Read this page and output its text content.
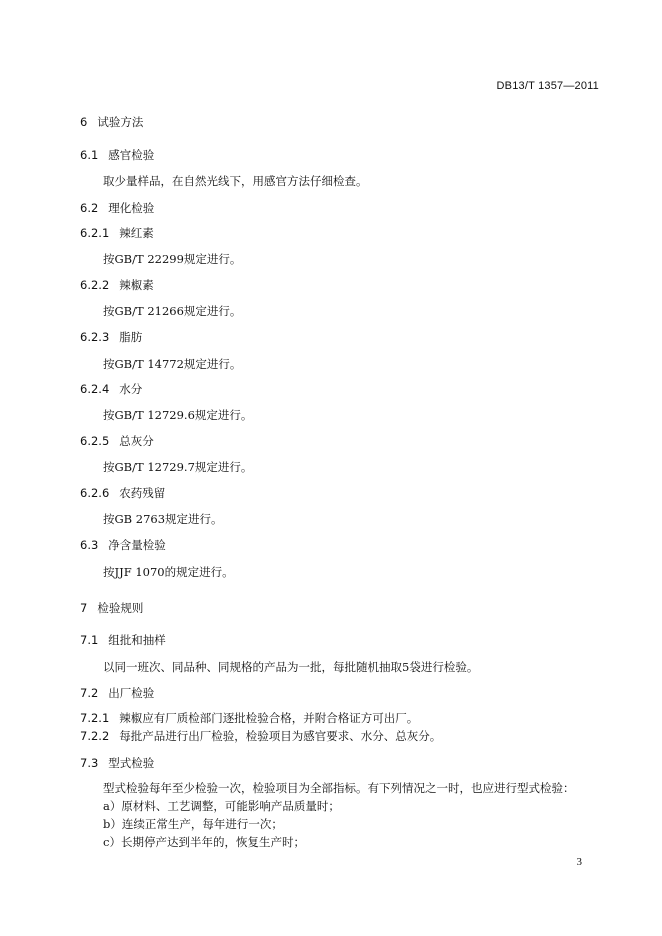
DB13/T 1357—2011
6 试验方法
6.1 感官检验
取少量样品，在自然光线下，用感官方法仔细检查。
6.2 理化检验
6.2.1 辣红素
按GB/T 22299规定进行。
6.2.2 辣椒素
按GB/T 21266规定进行。
6.2.3 脂肪
按GB/T 14772规定进行。
6.2.4 水分
按GB/T 12729.6规定进行。
6.2.5 总灰分
按GB/T 12729.7规定进行。
6.2.6 农药残留
按GB 2763规定进行。
6.3 净含量检验
按JJF 1070的规定进行。
7 检验规则
7.1 组批和抽样
以同一班次、同品种、同规格的产品为一批，每批随机抽取5袋进行检验。
7.2 出厂检验
7.2.1 辣椒应有厂质检部门逐批检验合格，并附合格证方可出厂。
7.2.2 每批产品进行出厂检验，检验项目为感官要求、水分、总灰分。
7.3 型式检验
型式检验每年至少检验一次，检验项目为全部指标。有下列情况之一时，也应进行型式检验：
a）原材料、工艺调整，可能影响产品质量时；
b）连续正常生产，每年进行一次；
c）长期停产达到半年的，恢复生产时；
3
